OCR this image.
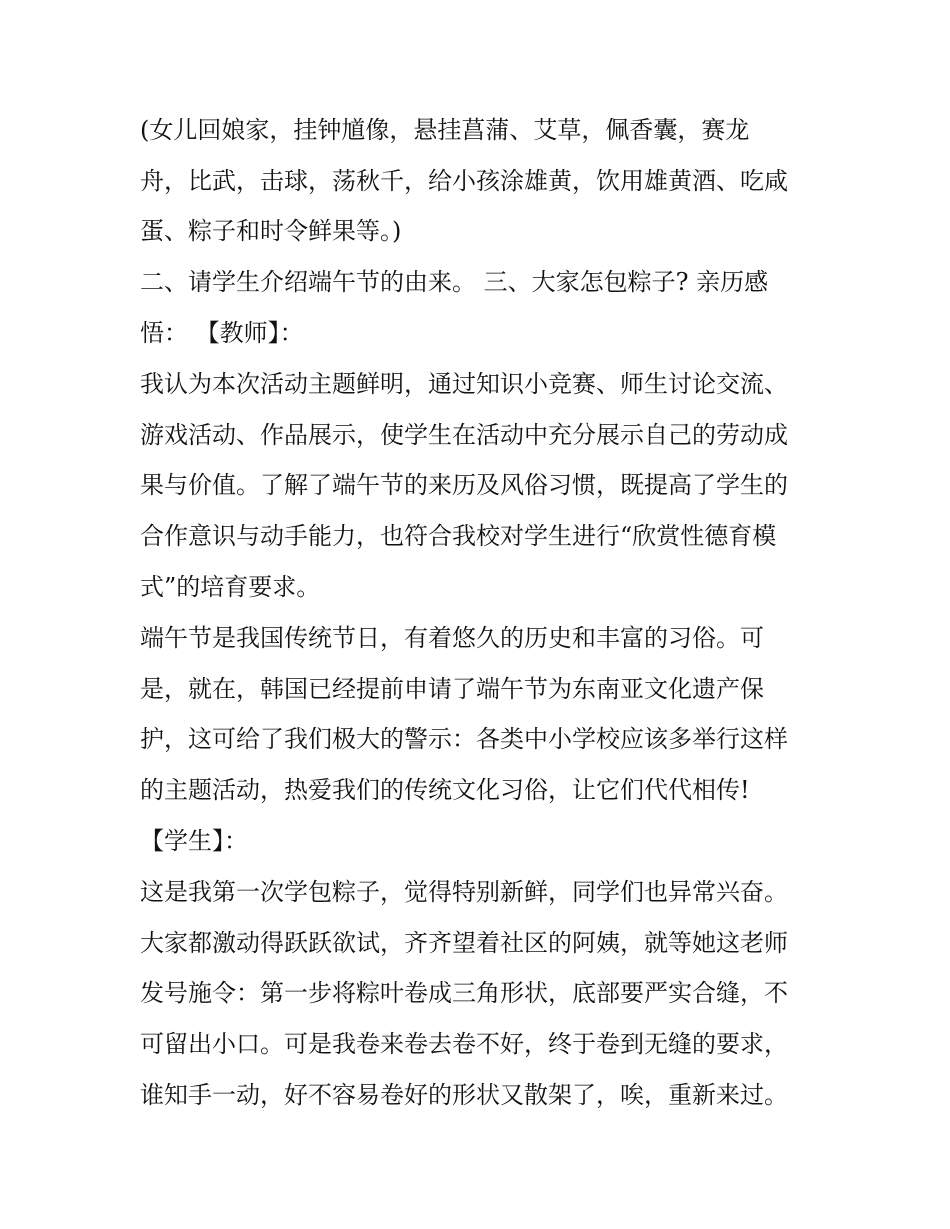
(女儿回娘家，挂钟馗像，悬挂菖蒲、艾草，佩香囊，赛龙
舟，比武，击球，荡秋千，给小孩涂雄黄，饮用雄黄酒、吃咸
蛋、粽子和时令鲜果等。)
二、请学生介绍端午节的由来。 三、大家怎包粽子? 亲历感
悟： 【教师】：
我认为本次活动主题鲜明，通过知识小竞赛、师生讨论交流、
游戏活动、作品展示，使学生在活动中充分展示自己的劳动成
果与价值。了解了端午节的来历及风俗习惯，既提高了学生的
合作意识与动手能力，也符合我校对学生进行“欣赏性德育模
式”的培育要求。
端午节是我国传统节日，有着悠久的历史和丰富的习俗。可
是，就在，韩国已经提前申请了端午节为东南亚文化遗产保
护，这可给了我们极大的警示：各类中小学校应该多举行这样
的主题活动，热爱我们的传统文化习俗，让它们代代相传!
【学生】：
这是我第一次学包粽子，觉得特别新鲜，同学们也异常兴奋。
大家都激动得跃跃欲试，齐齐望着社区的阿姨，就等她这老师
发号施令：第一步将粽叶卷成三角形状，底部要严实合缝，不
可留出小口。可是我卷来卷去卷不好，终于卷到无缝的要求，
谁知手一动，好不容易卷好的形状又散架了，唉，重新来过。
